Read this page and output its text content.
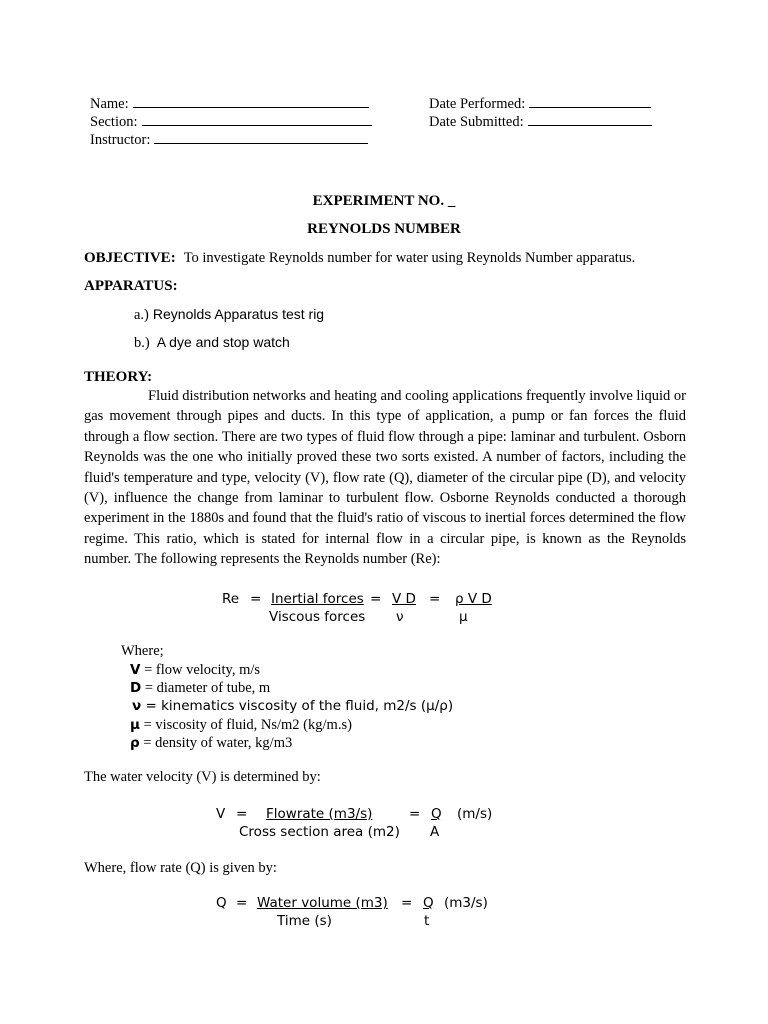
Name:
Section:
Instructor:
Date Performed:
Date Submitted:
EXPERIMENT NO. _
REYNOLDS NUMBER
OBJECTIVE: To investigate Reynolds number for water using Reynolds Number apparatus.
APPARATUS:
a.) Reynolds Apparatus test rig
b.) A dye and stop watch
THEORY:
Fluid distribution networks and heating and cooling applications frequently involve liquid or gas movement through pipes and ducts. In this type of application, a pump or fan forces the fluid through a flow section. There are two types of fluid flow through a pipe: laminar and turbulent. Osborn Reynolds was the one who initially proved these two sorts existed. A number of factors, including the fluid's temperature and type, velocity (V), flow rate (Q), diameter of the circular pipe (D), and velocity (V), influence the change from laminar to turbulent flow. Osborne Reynolds conducted a thorough experiment in the 1880s and found that the fluid's ratio of viscous to inertial forces determined the flow regime. This ratio, which is stated for internal flow in a circular pipe, is known as the Reynolds number. The following represents the Reynolds number (Re):
Re = Inertial forces
Viscous forces
= V D
ν
= ρ V D
μ
Where;
V = flow velocity, m/s
D = diameter of tube, m
ν = kinematics viscosity of the fluid, m2/s (μ/ρ)
μ = viscosity of fluid, Ns/m2 (kg/m.s)
ρ = density of water, kg/m3
The water velocity (V) is determined by:
V = Flowrate (m3/s)
Cross section area (m2)
= Q
A
(m/s)
Where, flow rate (Q) is given by:
Q = Water volume (m3)
Time (s)
= Q
t
(m3/s)
